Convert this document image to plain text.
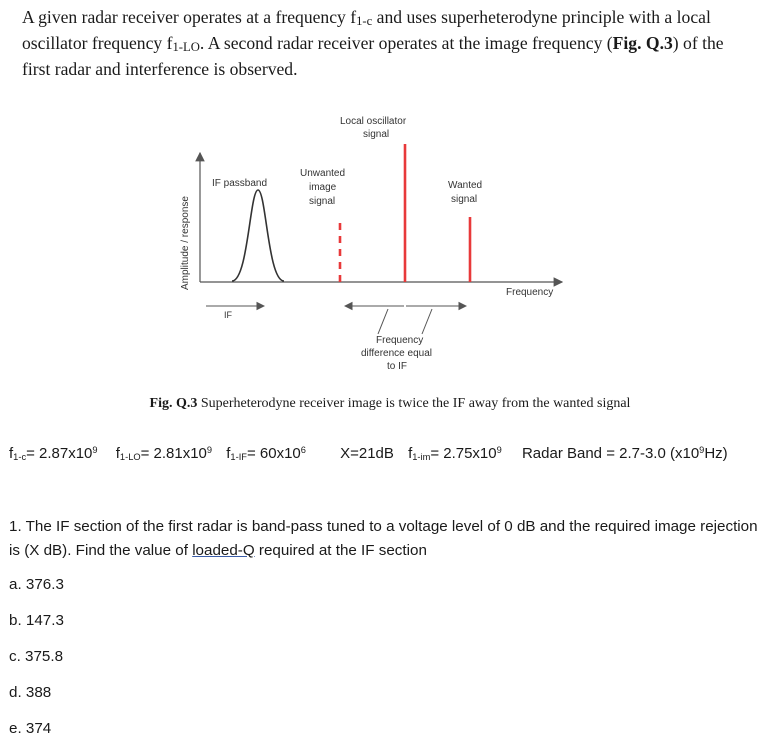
A given radar receiver operates at a frequency f1-c and uses superheterodyne principle with a local oscillator frequency f1-LO. A second radar receiver operates at the image frequency (Fig. Q.3) of the first radar and interference is observed.
Amplitude / response
Frequency
IF passband
Unwanted
image
signal
Local oscillator
signal
Wanted
signal
IF
Frequency
difference equal
to IF
Fig. Q.3 Superheterodyne receiver image is twice the IF away from the wanted signal
$f_{1-c}= 2.87x10^9$ $f_{1-LO}= 2.81x10^9$ $f_{1-IF}= 60x10^6$ X=21dB $f_{1-im}= 2.75x10^9$ Radar Band = 2.7-3.0 $(x10^9Hz)$
1. The IF section of the first radar is band-pass tuned to a voltage level of 0 dB and the required image rejection is (X dB). Find the value of loaded-Q required at the IF section
a. 376.3
b. 147.3
c. 375.8
d. 388
e. 374
